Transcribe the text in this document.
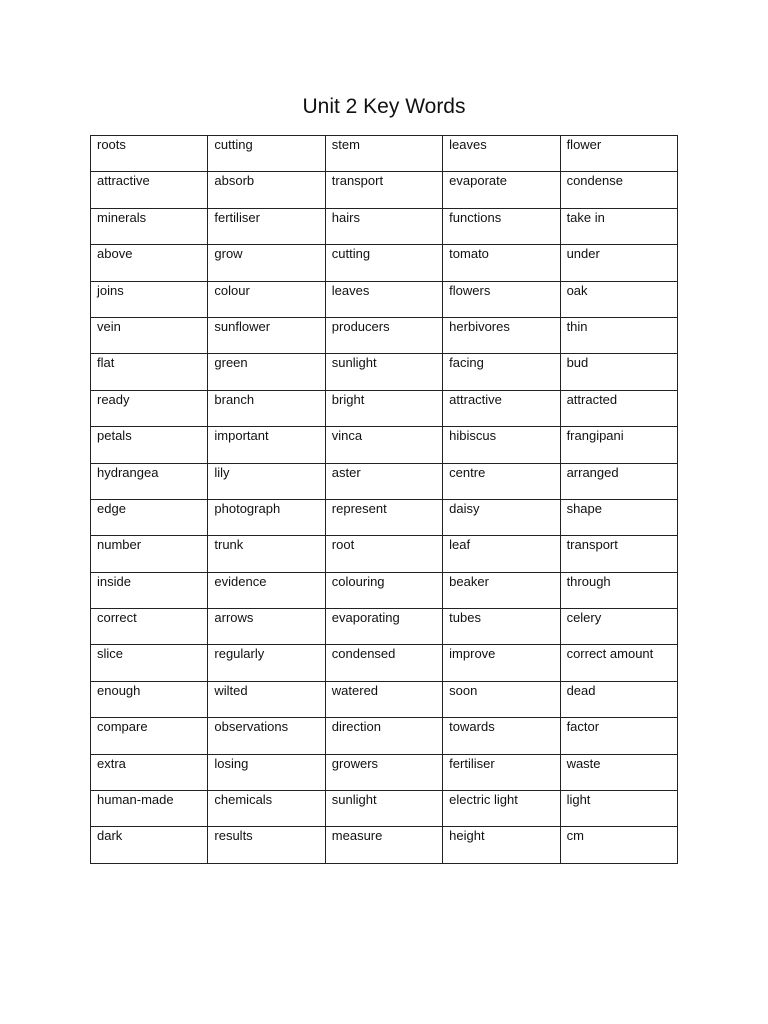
Unit 2 Key Words
roots	cutting	stem	leaves	flower
attractive	absorb	transport	evaporate	condense
minerals	fertiliser	hairs	functions	take in
above	grow	cutting	tomato	under
joins	colour	leaves	flowers	oak
vein	sunflower	producers	herbivores	thin
flat	green	sunlight	facing	bud
ready	branch	bright	attractive	attracted
petals	important	vinca	hibiscus	frangipani
hydrangea	lily	aster	centre	arranged
edge	photograph	represent	daisy	shape
number	trunk	root	leaf	transport
inside	evidence	colouring	beaker	through
correct	arrows	evaporating	tubes	celery
slice	regularly	condensed	improve	correct amount
enough	wilted	watered	soon	dead
compare	observations	direction	towards	factor
extra	losing	growers	fertiliser	waste
human-made	chemicals	sunlight	electric light	light
dark	results	measure	height	cm
